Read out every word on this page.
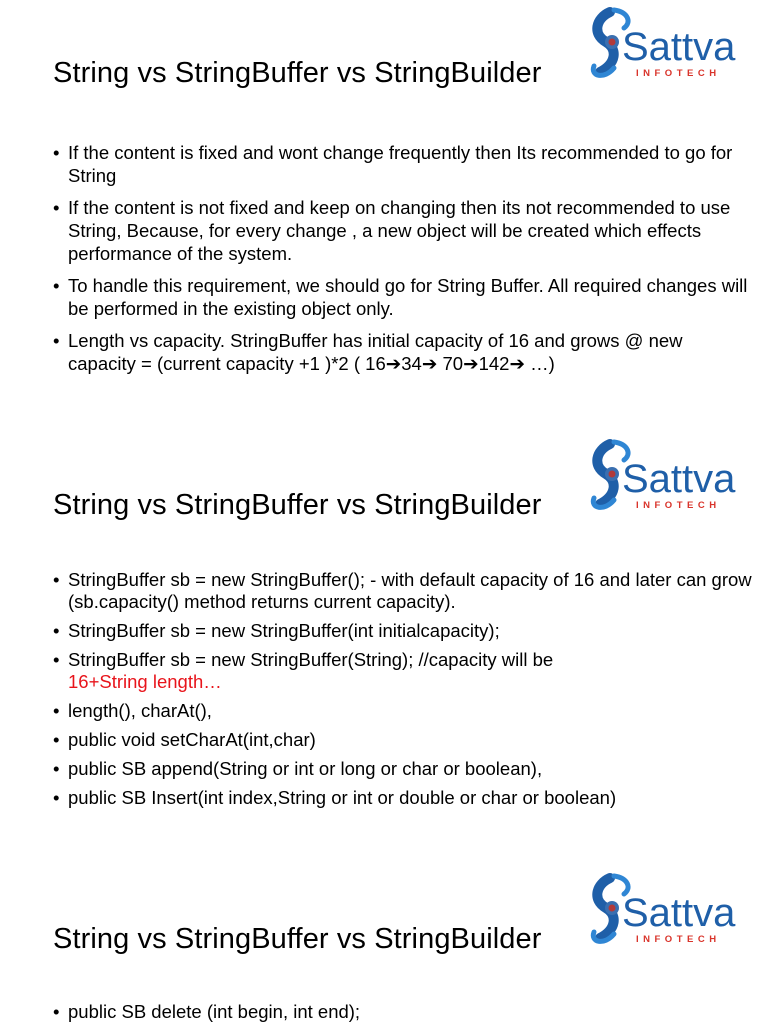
String vs StringBuffer vs StringBuilder
Sattva
INFOTECH
• If the content is fixed and wont change frequently then Its recommended to go for String
• If the content is not fixed and keep on changing then its not recommended to use String, Because, for every change , a new object will be created which effects performance of the system.
• To handle this requirement, we should go for String Buffer. All required changes will be performed in the existing object only.
• Length vs capacity. StringBuffer has initial capacity of 16 and grows @ new capacity = (current capacity +1 )*2 ( 16➔34➔ 70➔142➔ …)
String vs StringBuffer vs StringBuilder
Sattva
INFOTECH
• StringBuffer sb = new StringBuffer(); - with default capacity of 16 and later can grow (sb.capacity() method returns current capacity).
• StringBuffer sb = new StringBuffer(int initialcapacity);
• StringBuffer sb = new StringBuffer(String); //capacity will be
16+String length…
• length(), charAt(),
• public void setCharAt(int,char)
• public SB append(String or int or long or char or boolean),
• public SB Insert(int index,String or int or double or char or boolean)
String vs StringBuffer vs StringBuilder
Sattva
INFOTECH
• public SB delete (int begin, int end);
